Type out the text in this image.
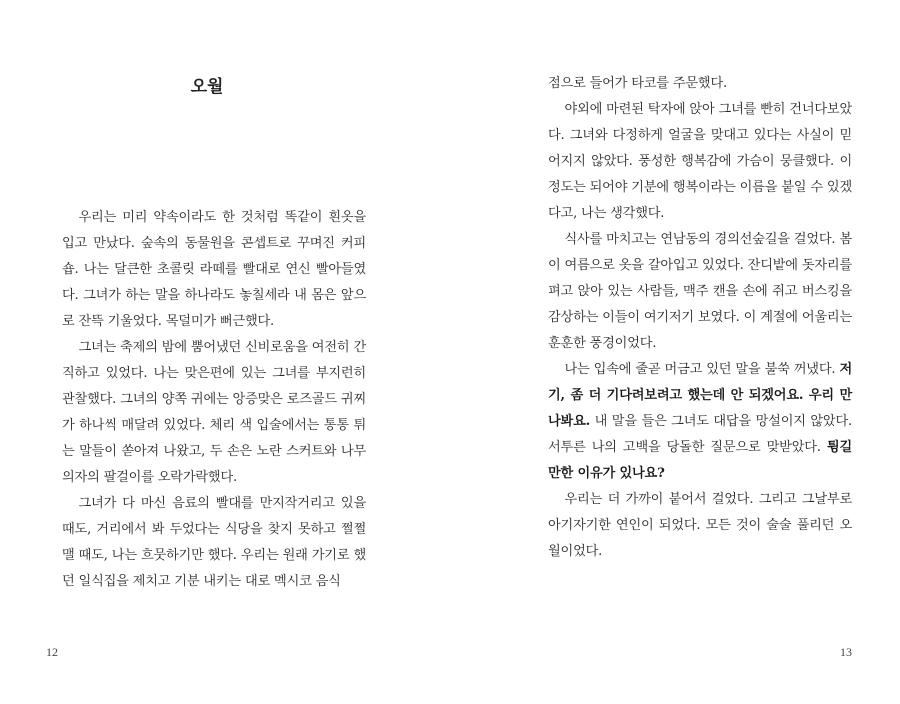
오월

우리는 미리 약속이라도 한 것처럼 똑같이 흰옷을 입고 만났다. 숲속의 동물원을 콘셉트로 꾸며진 커피숍. 나는 달큰한 초콜릿 라떼를 빨대로 연신 빨아들였다. 그녀가 하는 말을 하나라도 놓칠세라 내 몸은 앞으로 잔뜩 기울었다. 목덜미가 뻐근했다.

그녀는 축제의 밤에 뿜어냈던 신비로움을 여전히 간직하고 있었다. 나는 맞은편에 있는 그녀를 부지런히 관찰했다. 그녀의 양쪽 귀에는 앙증맞은 로즈골드 귀찌가 하나씩 매달려 있었다. 체리 색 입술에서는 통통 튀는 말들이 쏟아져 나왔고, 두 손은 노란 스커트와 나무 의자의 팔걸이를 오락가락했다.

그녀가 다 마신 음료의 빨대를 만지작거리고 있을 때도, 거리에서 봐 두었다는 식당을 찾지 못하고 쩔쩔맬 때도, 나는 흐뭇하기만 했다. 우리는 원래 가기로 했던 일식집을 제치고 기분 내키는 대로 멕시코 음식

12

점으로 들어가 타코를 주문했다.

야외에 마련된 탁자에 앉아 그녀를 빤히 건너다보았다. 그녀와 다정하게 얼굴을 맞대고 있다는 사실이 믿어지지 않았다. 풍성한 행복감에 가슴이 뭉클했다. 이 정도는 되어야 기분에 행복이라는 이름을 붙일 수 있겠다고, 나는 생각했다.

식사를 마치고는 연남동의 경의선숲길을 걸었다. 봄이 여름으로 옷을 갈아입고 있었다. 잔디밭에 돗자리를 펴고 앉아 있는 사람들, 맥주 캔을 손에 쥐고 버스킹을 감상하는 이들이 여기저기 보였다. 이 계절에 어울리는 훈훈한 풍경이었다.

나는 입속에 줄곧 머금고 있던 말을 불쑥 꺼냈다. 저기, 좀 더 기다려보려고 했는데 안 되겠어요. 우리 만나봐요. 내 말을 들은 그녀도 대답을 망설이지 않았다. 서투른 나의 고백을 당돌한 질문으로 맞받았다. 튕길 만한 이유가 있나요?

우리는 더 가까이 붙어서 걸었다. 그리고 그날부로 아기자기한 연인이 되었다. 모든 것이 술술 풀리던 오월이었다.

13
